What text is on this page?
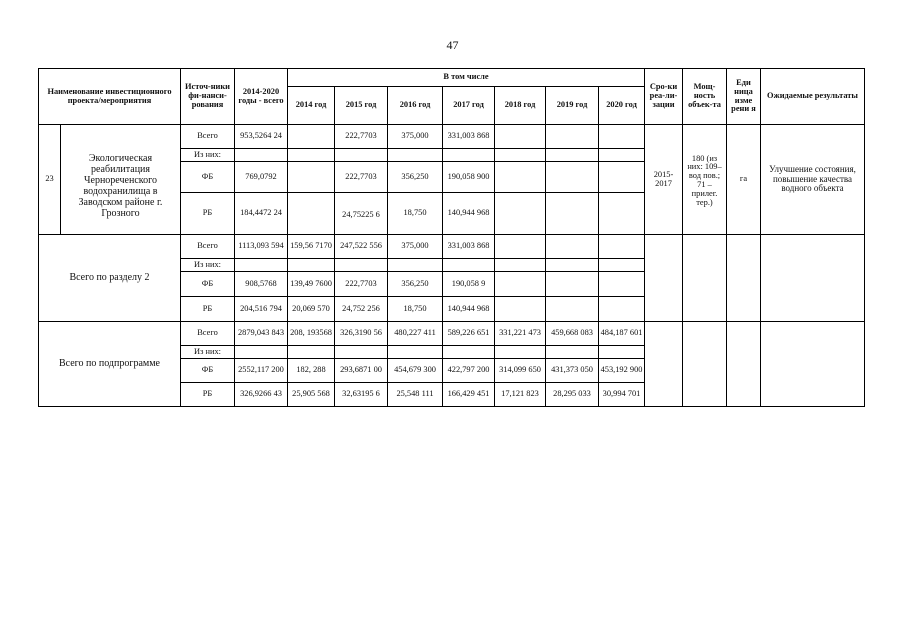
47
Наименование инвестиционного проекта/мероприятия		Источ-ники фи-нанси-рования	2014-2020 годы - всего	В том числе							Сро-ки реа-ли-зации	Мощ-ность объек-та	Еди ница изме рени я	Ожидаемые результаты
				2014 год	2015 год	2016 год	2017 год	2018 год	2019 год	2020 год				
23	Экологическая реабилитация Чернореченского водохранилища в Заводском районе г. Грозного	Всего	953,5264 24		222,7703	375,000	331,003 868				2015-2017	180 (из них: 109–вод пов.; 71 – прилег. тер.)	га	Улучшение состояния, повышение качества водного объекта
		Из них:												
		ФБ	769,0792		222,7703	356,250	190,058 900							
		РБ	184,4472 24		24,75225 6	18,750	140,944 968							
Всего по разделу 2		Всего	1113,093 594	159,56 7170	247,522 556	375,000	331,003 868							
		Из них:												
		ФБ	908,5768	139,49 7600	222,7703	356,250	190,058 9							
		РБ	204,516 794	20,069 570	24,752 256	18,750	140,944 968							
Всего по подпрограмме		Всего	2879,043 843	208, 193568	326,3190 56	480,227 411	589,226 651	331,221 473	459,668 083	484,187 601				
		Из них:												
		ФБ	2552,117 200	182, 288	293,6871 00	454,679 300	422,797 200	314,099 650	431,373 050	453,192 900				
		РБ	326,9266 43	25,905 568	32,63195 6	25,548 111	166,429 451	17,121 823	28,295 033	30,994 701				
